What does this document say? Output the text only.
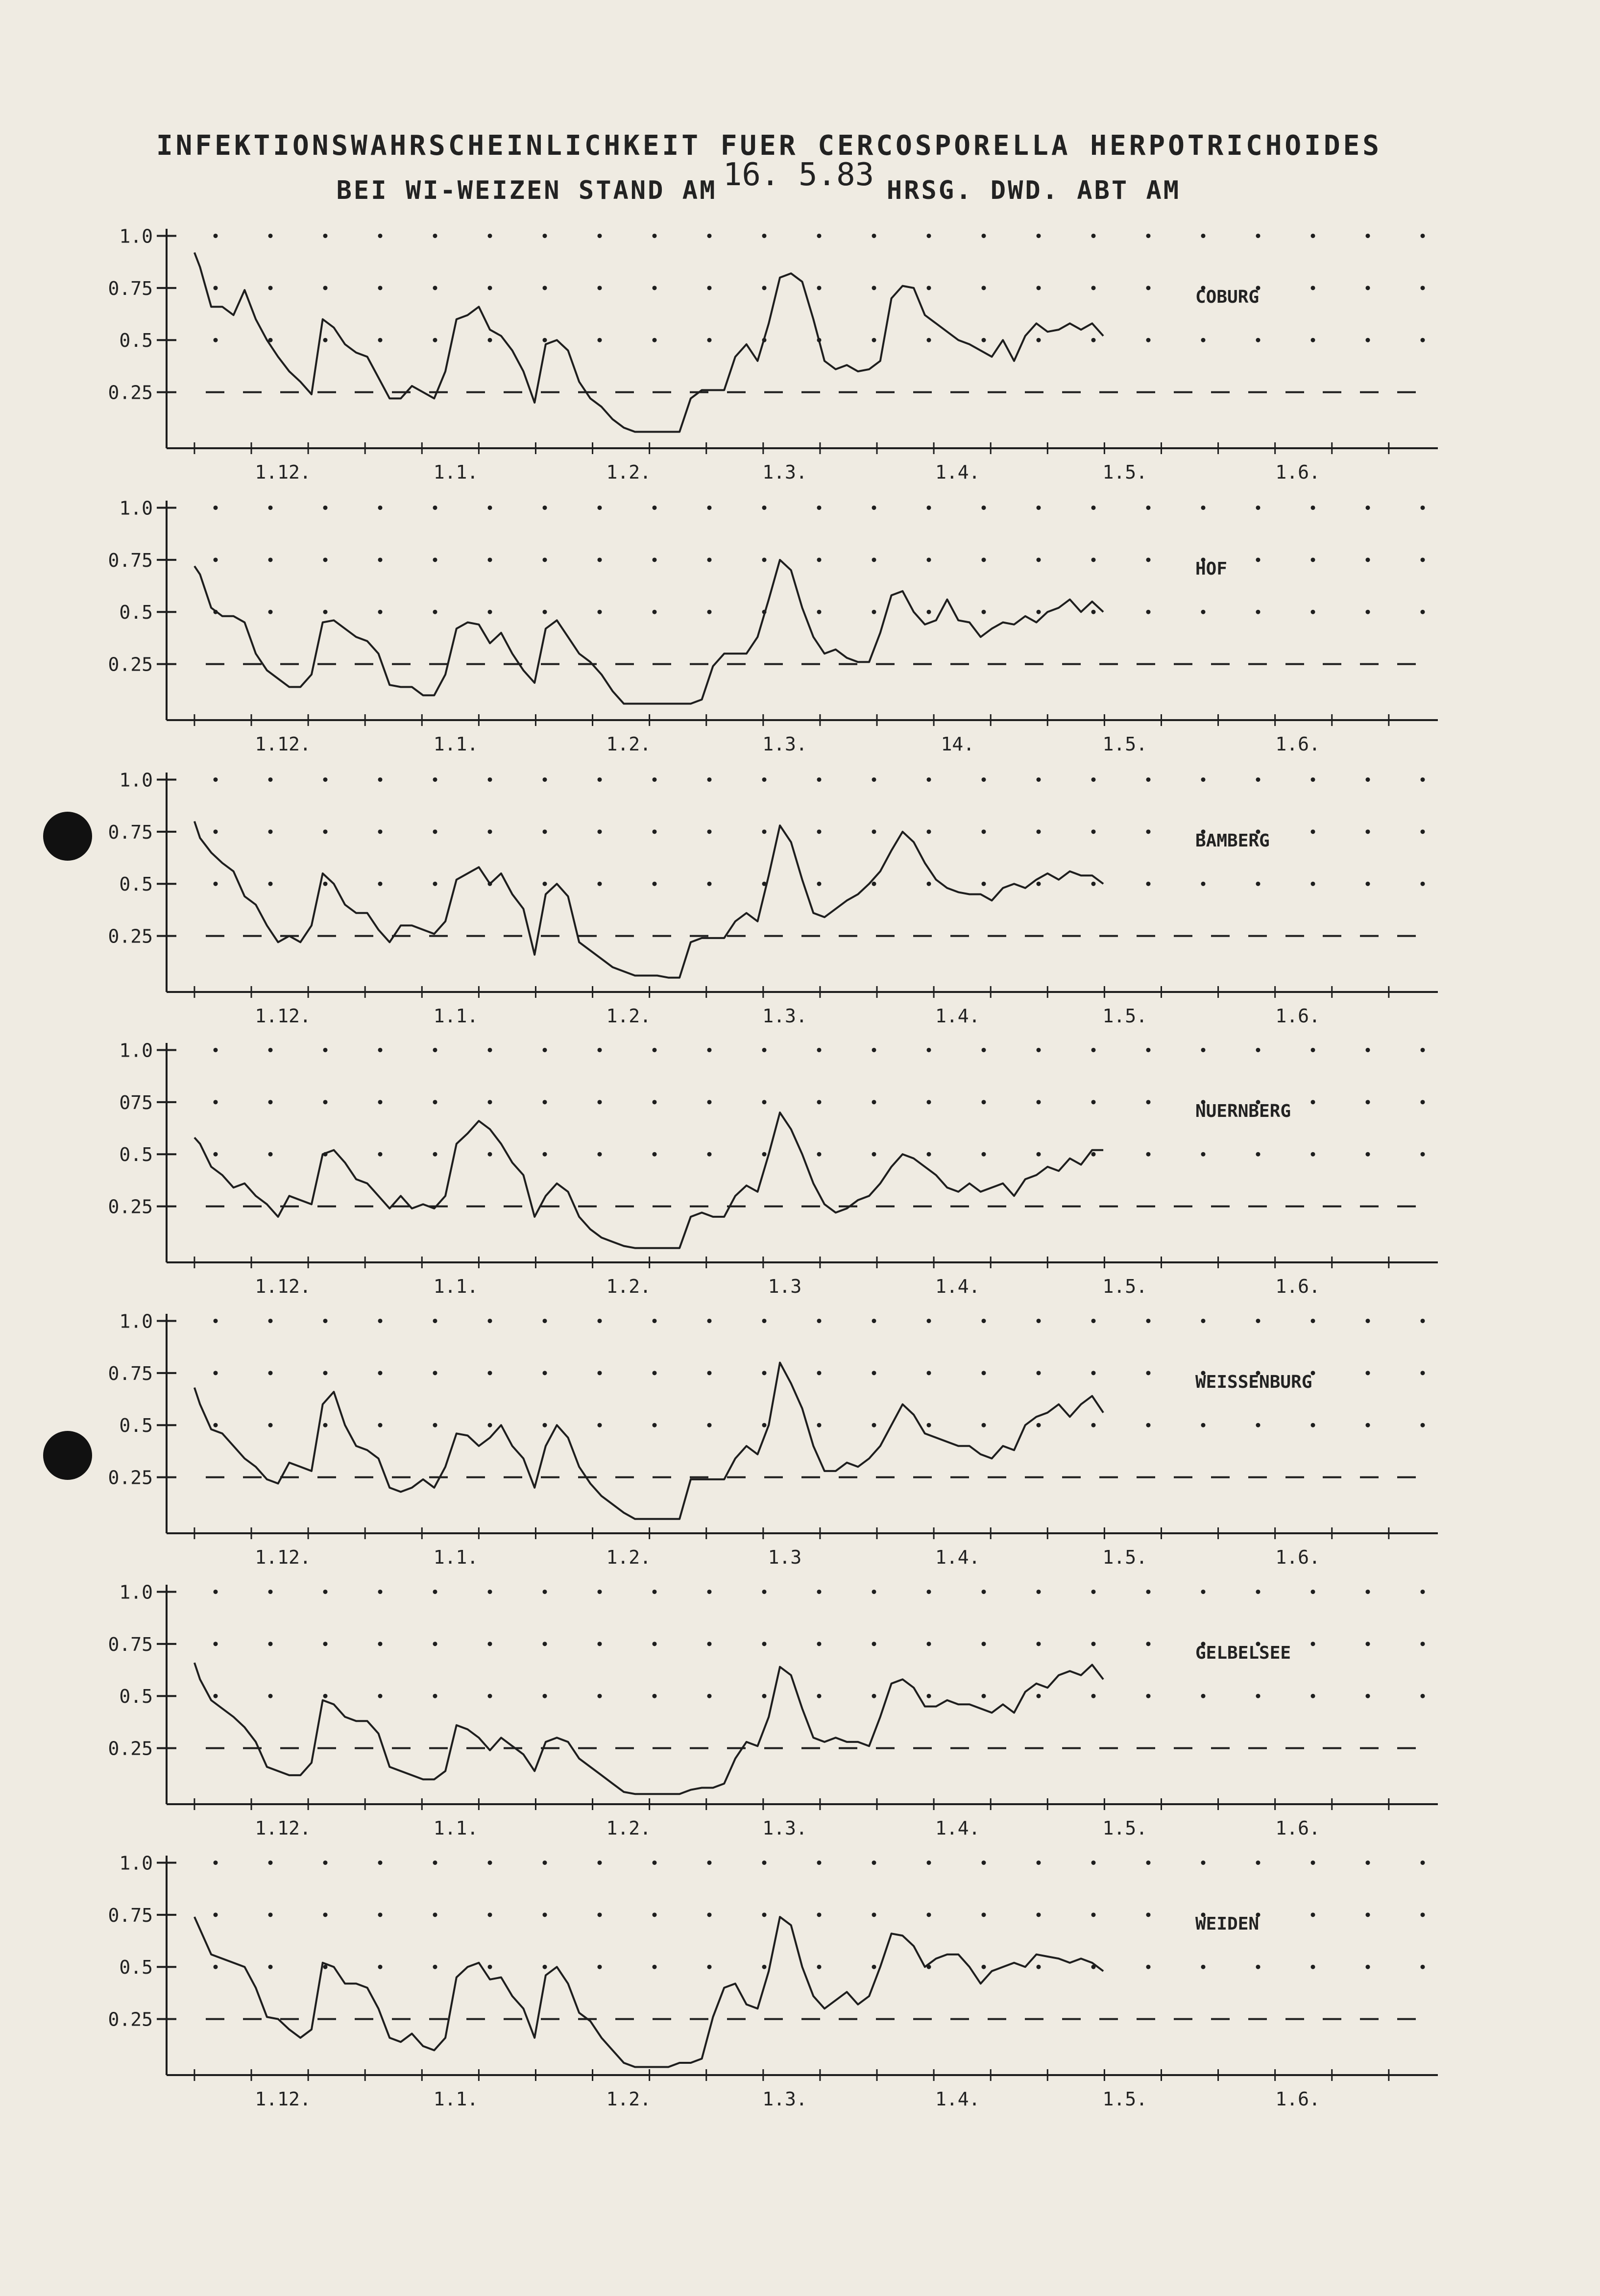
INFEKTIONSWAHRSCHEINLICHKEIT FUER CERCOSPORELLA HERPOTRICHOIDES
BEI WI-WEIZEN STAND AM 16. 5.83 HRSG. DWD. ABT AM
1.0
0.75
0.5
0.25
1.12.	1.1.	1.2.	1.3.	1.4.	1.5.	1.6.
COBURG
1.0
0.75
0.5
0.25
1.12.	1.1.	1.2.	1.3.	14.	1.5.	1.6.
HOF
1.0
0.75
0.5
0.25
1.12.	1.1.	1.2.	1.3.	1.4.	1.5.	1.6.
BAMBERG
1.0
075
0.5
0.25
1.12.	1.1.	1.2.	1.3	1.4.	1.5.	1.6.
NUERNBERG
1.0
0.75
0.5
0.25
1.12.	1.1.	1.2.	1.3	1.4.	1.5.	1.6.
WEISSENBURG
1.0
0.75
0.5
0.25
1.12.	1.1.	1.2.	1.3.	1.4.	1.5.	1.6.
GELBELSEE
1.0
0.75
0.5
0.25
1.12.	1.1.	1.2.	1.3.	1.4.	1.5.	1.6.
WEIDEN
